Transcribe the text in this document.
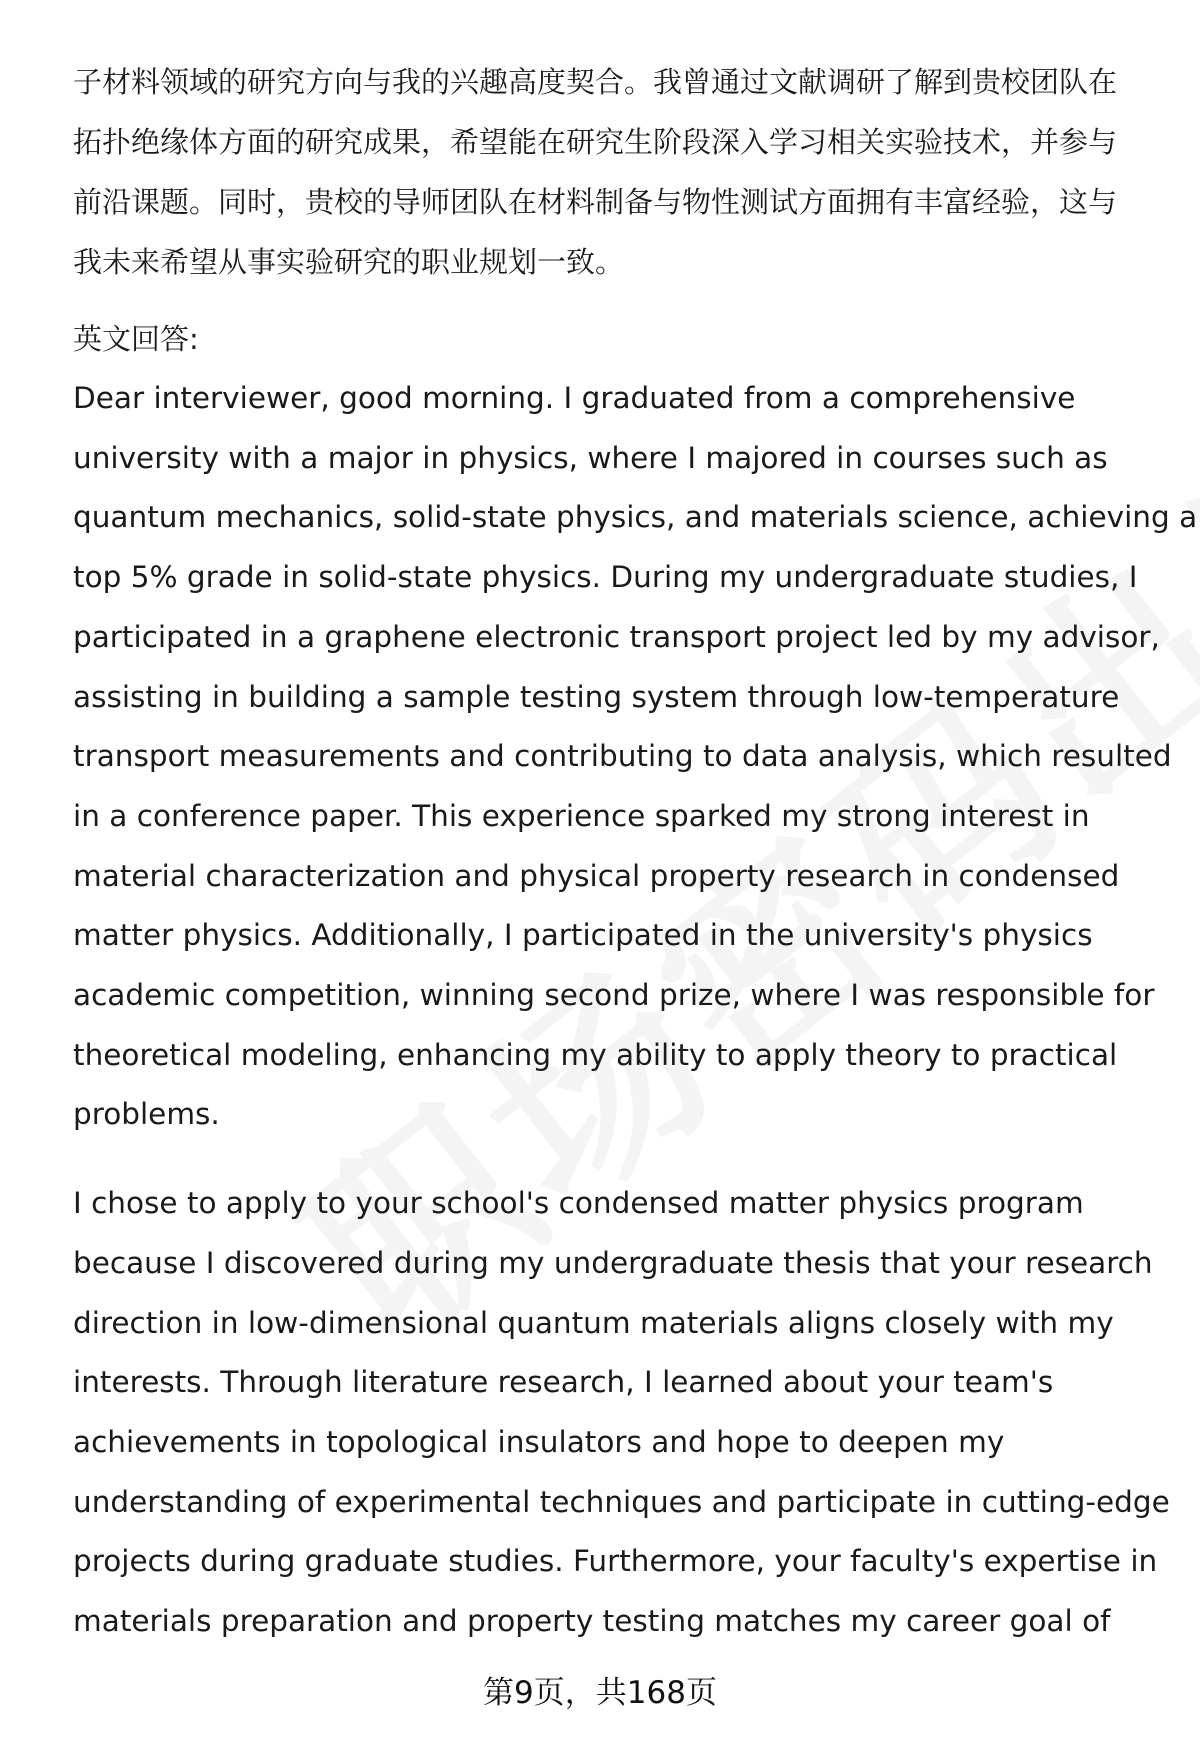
子材料领域的研究方向与我的兴趣高度契合。我曾通过文献调研了解到贵校团队在
拓扑绝缘体方面的研究成果，希望能在研究生阶段深入学习相关实验技术，并参与
前沿课题。同时，贵校的导师团队在材料制备与物性测试方面拥有丰富经验，这与
我未来希望从事实验研究的职业规划一致。

英文回答:

Dear interviewer, good morning. I graduated from a comprehensive
university with a major in physics, where I majored in courses such as
quantum mechanics, solid-state physics, and materials science, achieving a
top 5% grade in solid-state physics. During my undergraduate studies, I
participated in a graphene electronic transport project led by my advisor,
assisting in building a sample testing system through low-temperature
transport measurements and contributing to data analysis, which resulted
in a conference paper. This experience sparked my strong interest in
material characterization and physical property research in condensed
matter physics. Additionally, I participated in the university's physics
academic competition, winning second prize, where I was responsible for
theoretical modeling, enhancing my ability to apply theory to practical
problems.

I chose to apply to your school's condensed matter physics program
because I discovered during my undergraduate thesis that your research
direction in low-dimensional quantum materials aligns closely with my
interests. Through literature research, I learned about your team's
achievements in topological insulators and hope to deepen my
understanding of experimental techniques and participate in cutting-edge
projects during graduate studies. Furthermore, your faculty's expertise in
materials preparation and property testing matches my career goal of

第9页，共168页
